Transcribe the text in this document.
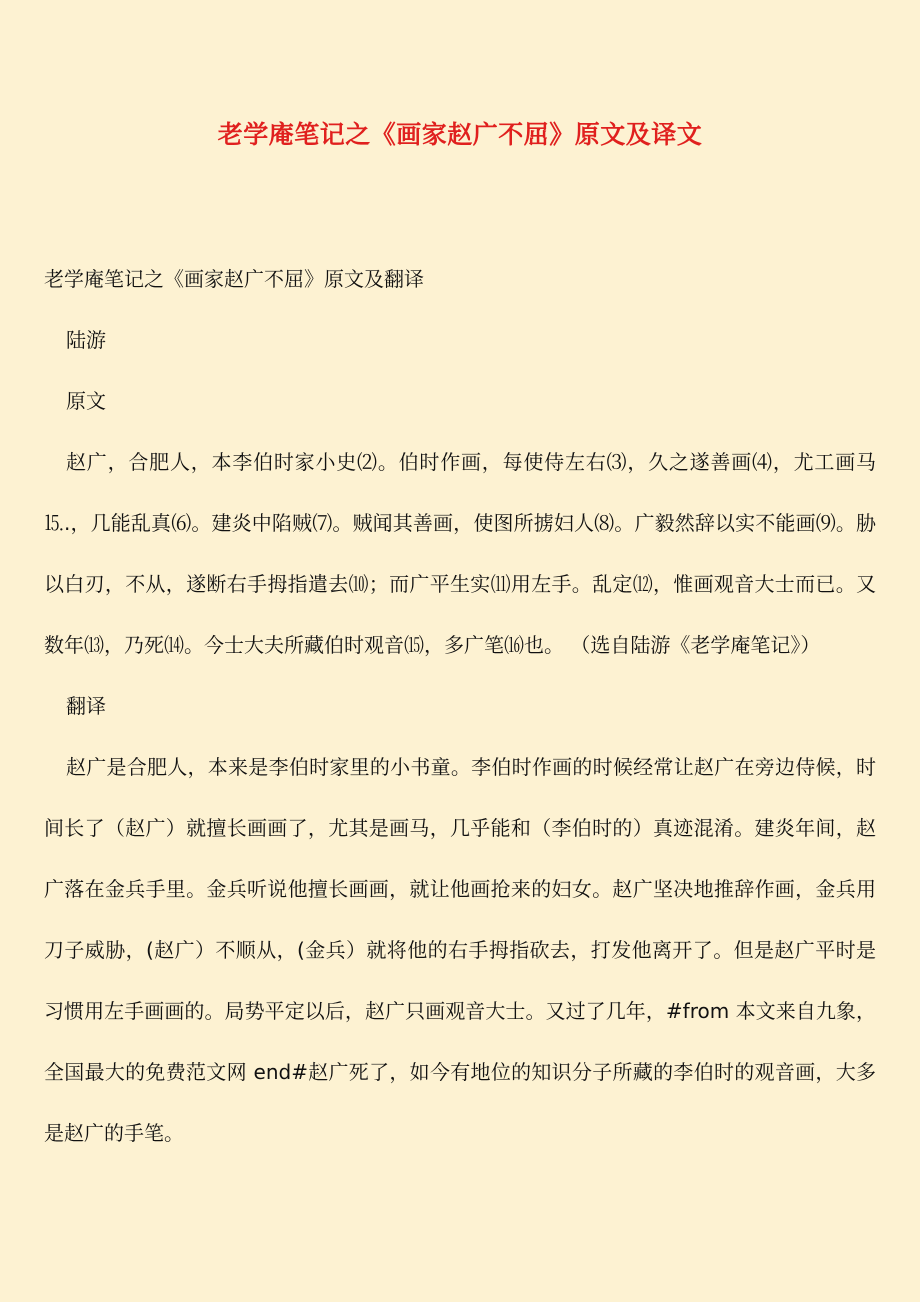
老学庵笔记之《画家赵广不屈》原文及译文

老学庵笔记之《画家赵广不屈》原文及翻译

陆游

原文

赵广，合肥人，本李伯时家小史⑵。伯时作画，每使侍左右⑶，久之遂善画⑷，尤工画马⒖.，几能乱真⑹。建炎中陷贼⑺。贼闻其善画，使图所掳妇人⑻。广毅然辞以实不能画⑼。胁以白刃，不从，遂断右手拇指遣去⑽；而广平生实⑾用左手。乱定⑿，惟画观音大士而已。又数年⒀，乃死⒁。今士大夫所藏伯时观音⒂，多广笔⒃也。 （选自陆游《老学庵笔记》）

翻译

赵广是合肥人，本来是李伯时家里的小书童。李伯时作画的时候经常让赵广在旁边侍候，时间长了（赵广）就擅长画画了，尤其是画马，几乎能和（李伯时的）真迹混淆。建炎年间，赵广落在金兵手里。金兵听说他擅长画画，就让他画抢来的妇女。赵广坚决地推辞作画，金兵用刀子威胁，(赵广）不顺从，(金兵）就将他的右手拇指砍去，打发他离开了。但是赵广平时是习惯用左手画画的。局势平定以后，赵广只画观音大士。又过了几年，#from 本文来自九象，全国最大的免费范文网 end#赵广死了，如今有地位的知识分子所藏的李伯时的观音画，大多是赵广的手笔。
